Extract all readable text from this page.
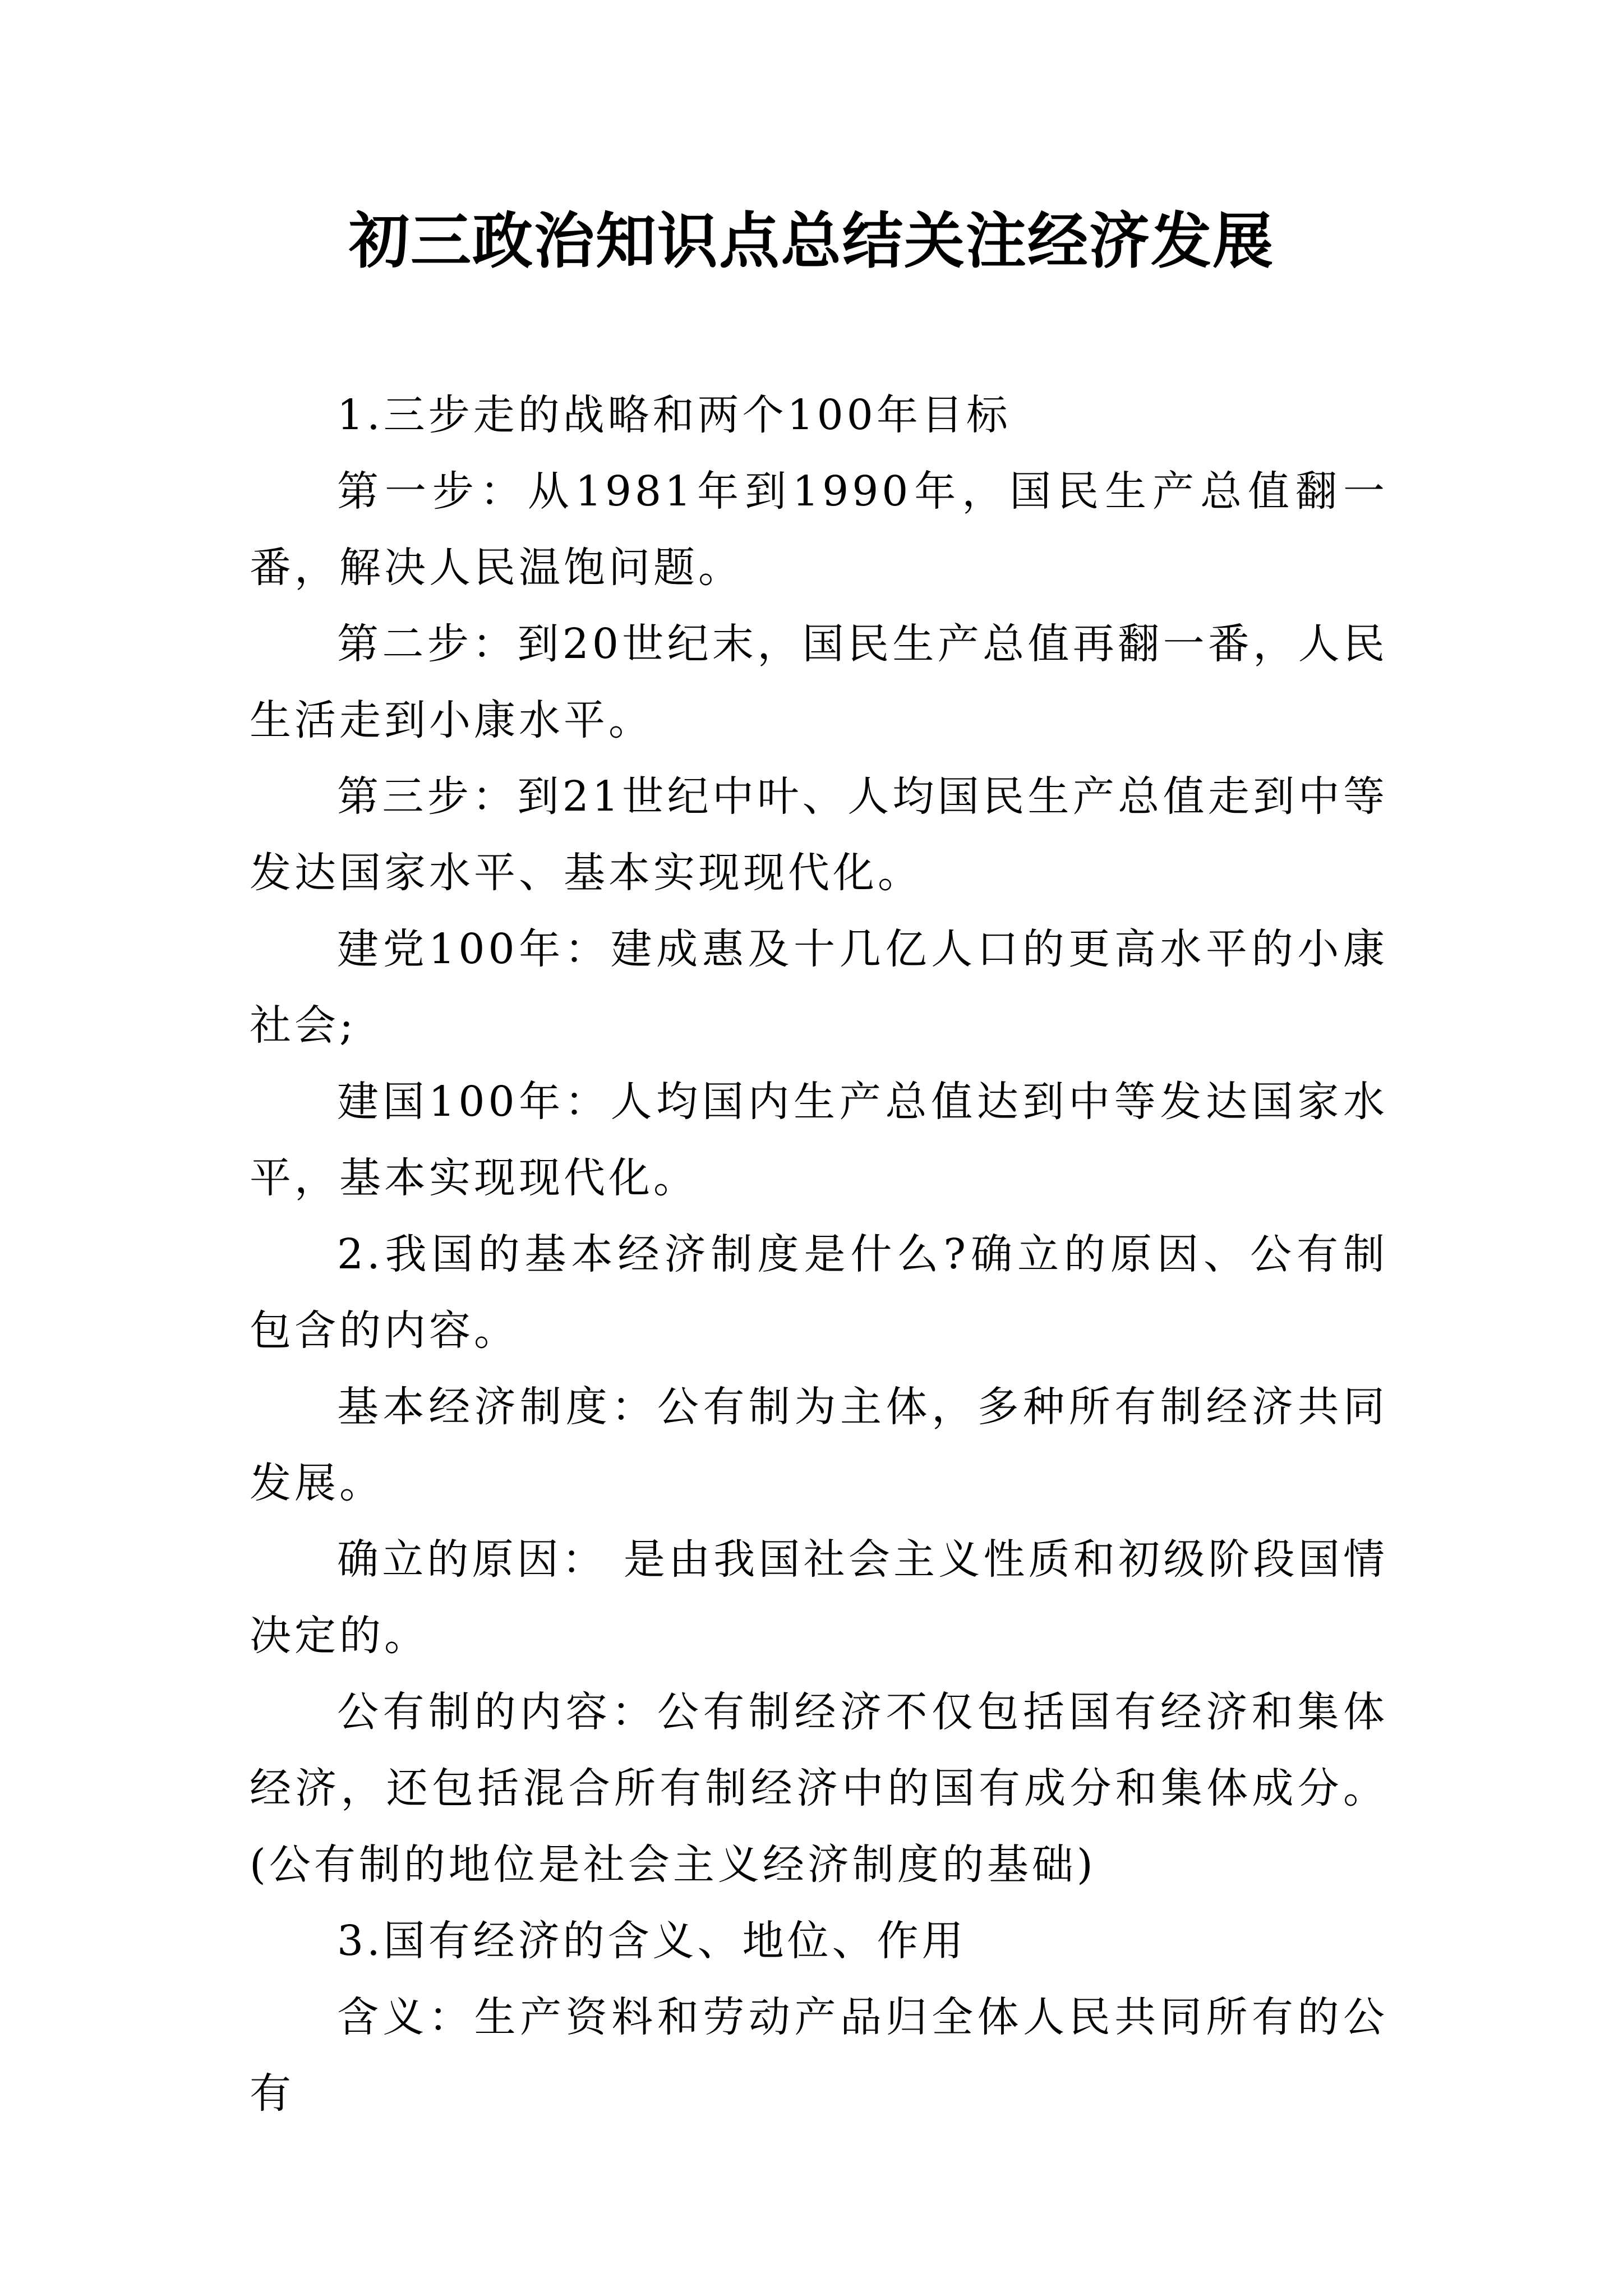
初三政治知识点总结关注经济发展

1.三步走的战略和两个100年目标

第一步：从1981年到1990年，国民生产总值翻一番，解决人民温饱问题。

第二步：到20世纪末，国民生产总值再翻一番，人民生活走到小康水平。

第三步：到21世纪中叶、人均国民生产总值走到中等发达国家水平、基本实现现代化。

建党100年：建成惠及十几亿人口的更高水平的小康社会;

建国100年：人均国内生产总值达到中等发达国家水平，基本实现现代化。

2.我国的基本经济制度是什么?确立的原因、公有制包含的内容。

基本经济制度：公有制为主体，多种所有制经济共同发展。

确立的原因： 是由我国社会主义性质和初级阶段国情决定的。

公有制的内容：公有制经济不仅包括国有经济和集体经济，还包括混合所有制经济中的国有成分和集体成分。(公有制的地位是社会主义经济制度的基础)

3.国有经济的含义、地位、作用

含义：生产资料和劳动产品归全体人民共同所有的公有
